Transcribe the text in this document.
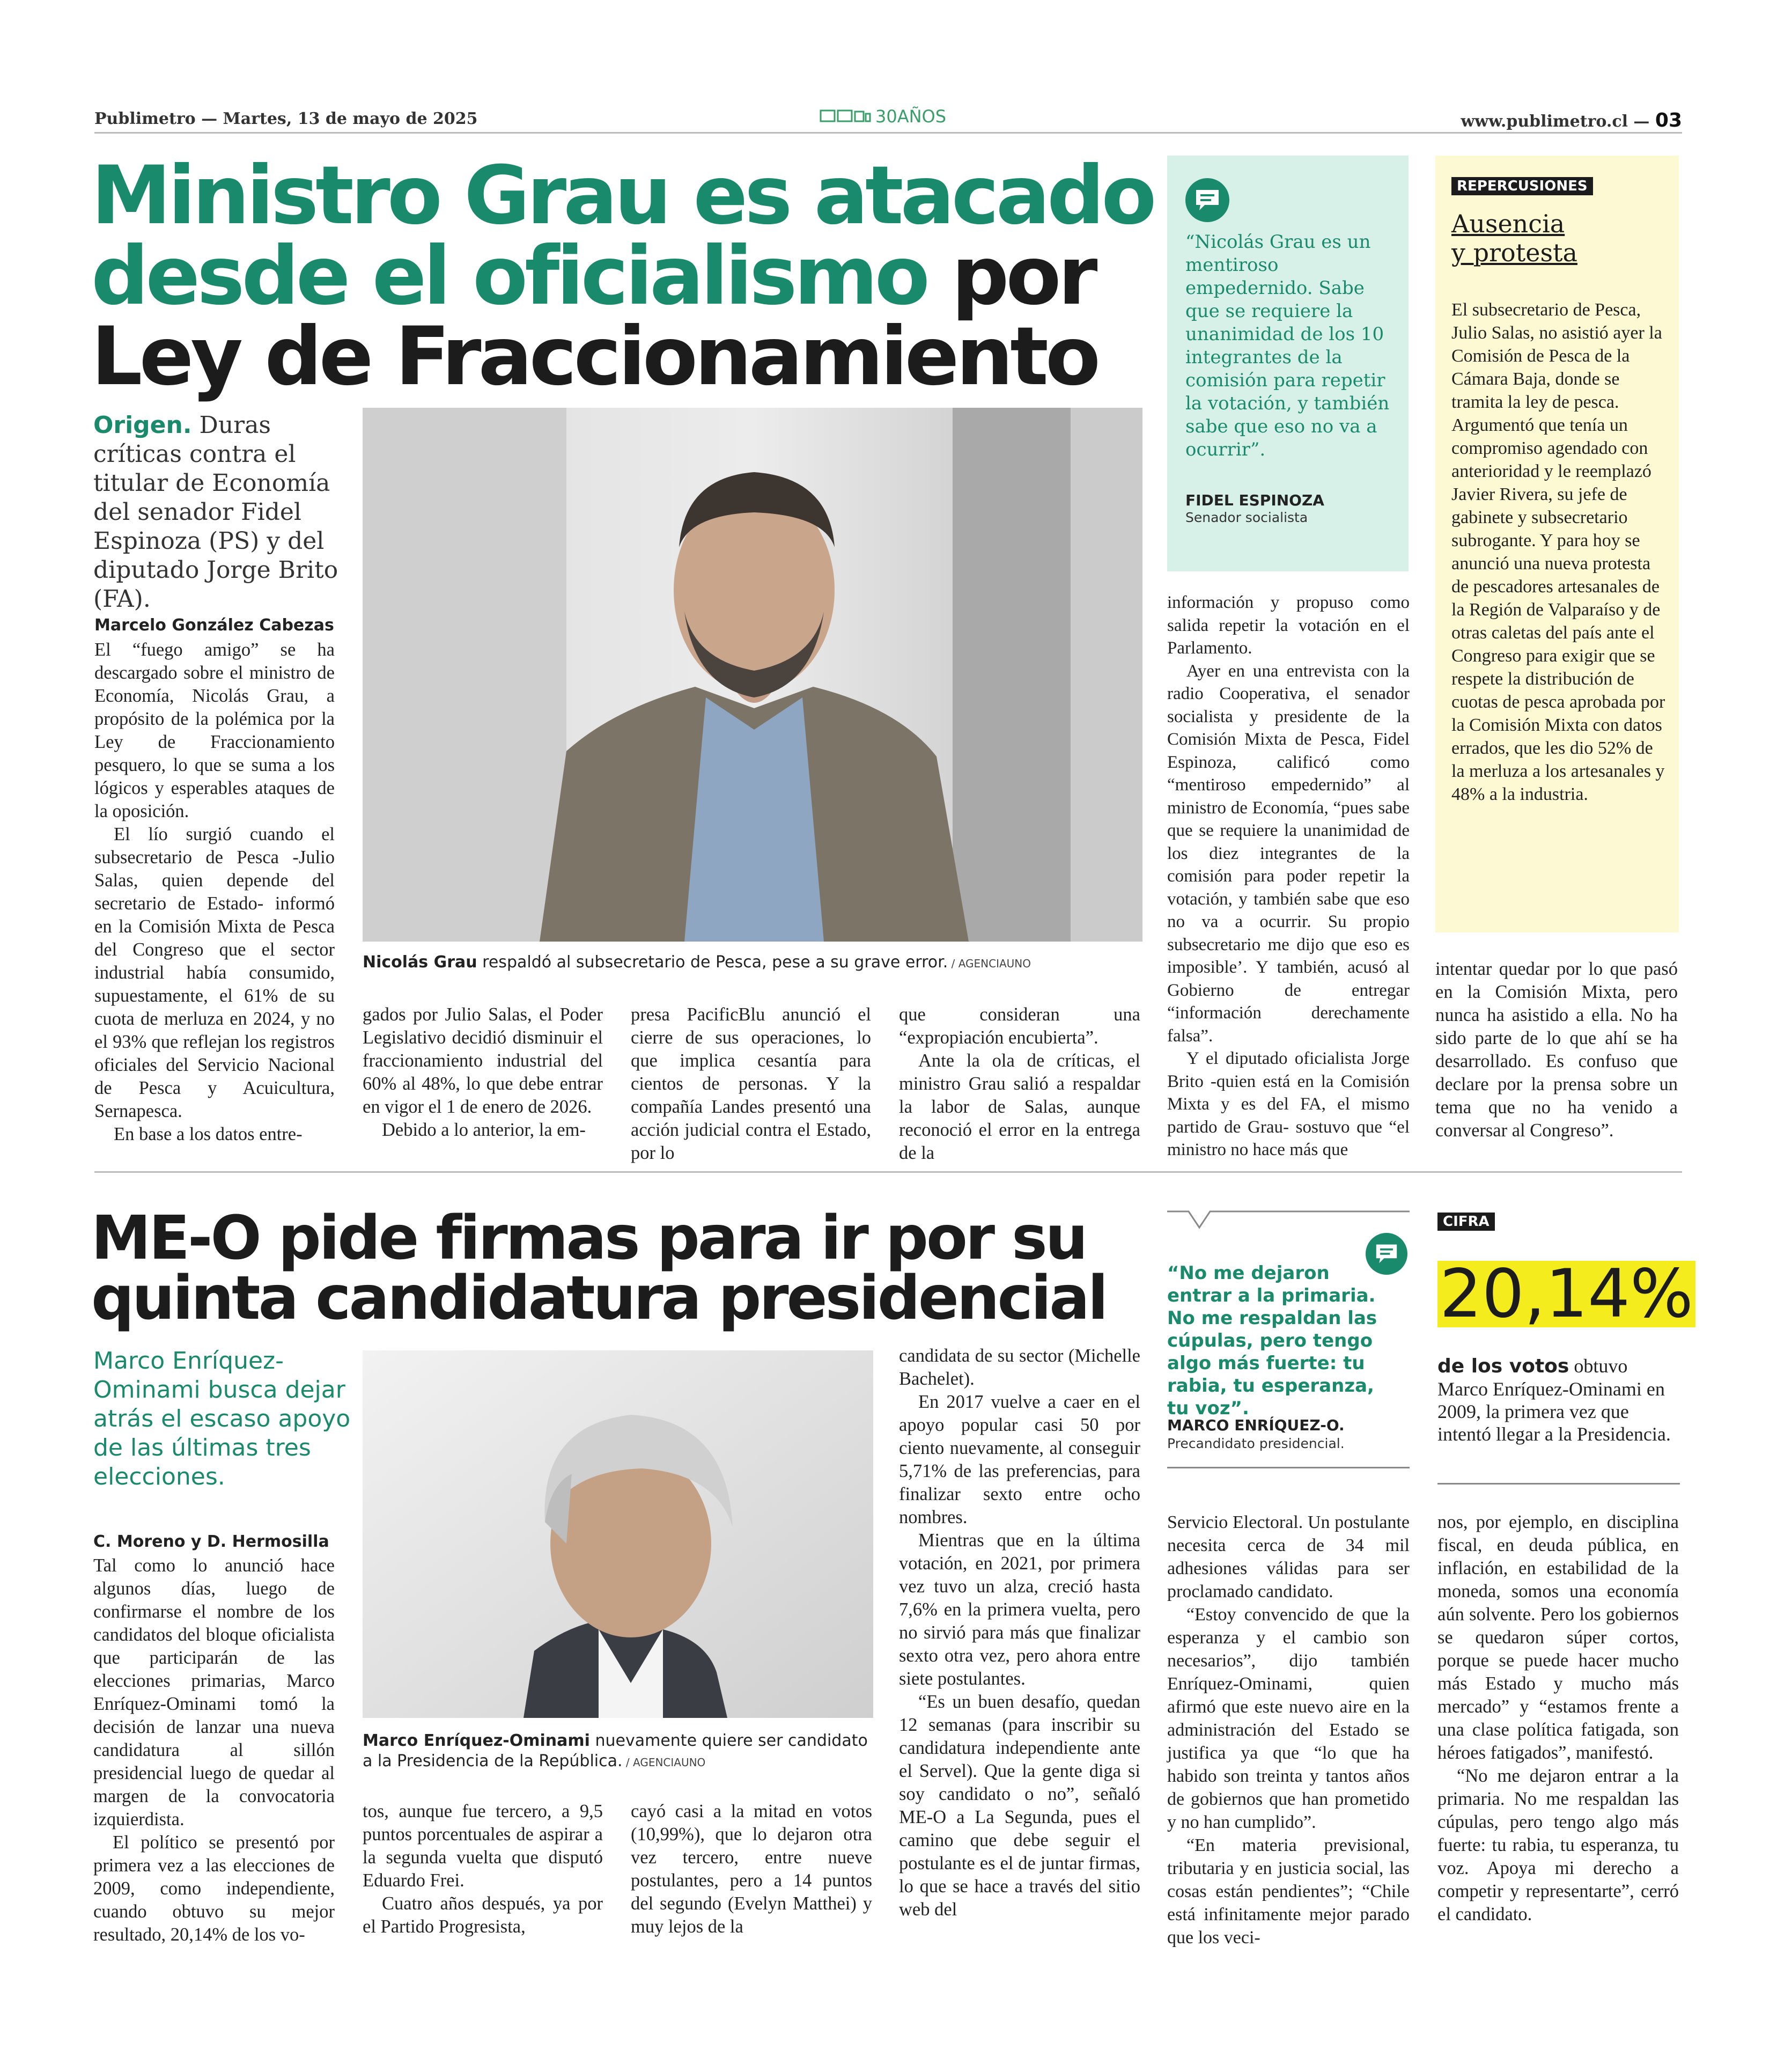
Publimetro — Martes, 13 de mayo de 2025	30AÑOS	www.publimetro.cl — 03
Ministro Grau es atacado
desde el oficialismo por
Ley de Fraccionamiento
Origen. Duras críticas contra el titular de Economía del senador Fidel Espinoza (PS) y del diputado Jorge Brito (FA).
Marcelo González Cabezas

El “fuego amigo” se ha descargado sobre el ministro de Economía, Nicolás Grau, a propósito de la polémica por la Ley de Fraccionamiento pesquero, lo que se suma a los lógicos y esperables ataques de la oposición.

El lío surgió cuando el subsecretario de Pesca -Julio Salas, quien depende del secretario de Estado- informó en la Comisión Mixta de Pesca del Congreso que el sector industrial había consumido, supuestamente, el 61% de su cuota de merluza en 2024, y no el 93% que reflejan los registros oficiales del Servicio Nacional de Pesca y Acuicultura, Sernapesca.

En base a los datos entre-

Nicolás Grau respaldó al subsecretario de Pesca, pese a su grave error. / AGENCIAUNO

gados por Julio Salas, el Poder Legislativo decidió disminuir el fraccionamiento industrial del 60% al 48%, lo que debe entrar en vigor el 1 de enero de 2026.

Debido a lo anterior, la em-

presa PacificBlu anunció el cierre de sus operaciones, lo que implica cesantía para cientos de personas. Y la compañía Landes presentó una acción judicial contra el Estado, por lo

que consideran una “expropiación encubierta”.

Ante la ola de críticas, el ministro Grau salió a respaldar la labor de Salas, aunque reconoció el error en la entrega de la

“Nicolás Grau es un mentiroso empedernido. Sabe que se requiere la unanimidad de los 10 integrantes de la comisión para repetir la votación, y también sabe que eso no va a ocurrir”.
FIDEL ESPINOZA
Senador socialista

información y propuso como salida repetir la votación en el Parlamento.

Ayer en una entrevista con la radio Cooperativa, el senador socialista y presidente de la Comisión Mixta de Pesca, Fidel Espinoza, calificó como “mentiroso empedernido” al ministro de Economía, “pues sabe que se requiere la unanimidad de los diez integrantes de la comisión para poder repetir la votación, y también sabe que eso no va a ocurrir. Su propio subsecretario me dijo que eso es imposible’. Y también, acusó al Gobierno de entregar “información derechamente falsa”.

Y el diputado oficialista Jorge Brito -quien está en la Comisión Mixta y es del FA, el mismo partido de Grau- sostuvo que “el ministro no hace más que

REPERCUSIONES
Ausencia
y protesta
El subsecretario de Pesca, Julio Salas, no asistió ayer la Comisión de Pesca de la Cámara Baja, donde se tramita la ley de pesca. Argumentó que tenía un compromiso agendado con anterioridad y le reemplazó Javier Rivera, su jefe de gabinete y subsecretario subrogante. Y para hoy se anunció una nueva protesta de pescadores artesanales de la Región de Valparaíso y de otras caletas del país ante el Congreso para exigir que se respete la distribución de cuotas de pesca aprobada por la Comisión Mixta con datos errados, que les dio 52% de la merluza a los artesanales y 48% a la industria.

intentar quedar por lo que pasó en la Comisión Mixta, pero nunca ha asistido a ella. No ha sido parte de lo que ahí se ha desarrollado. Es confuso que declare por la prensa sobre un tema que no ha venido a conversar al Congreso”.

ME-O pide firmas para ir por su
quinta candidatura presidencial
Marco Enríquez-Ominami busca dejar atrás el escaso apoyo de las últimas tres elecciones.
C. Moreno y D. Hermosilla

Tal como lo anunció hace algunos días, luego de confirmarse el nombre de los candidatos del bloque oficialista que participarán de las elecciones primarias, Marco Enríquez-Ominami tomó la decisión de lanzar una nueva candidatura al sillón presidencial luego de quedar al margen de la convocatoria izquierdista.

El político se presentó por primera vez a las elecciones de 2009, como independiente, cuando obtuvo su mejor resultado, 20,14% de los vo-

Marco Enríquez-Ominami nuevamente quiere ser candidato a la Presidencia de la República. / AGENCIAUNO

tos, aunque fue tercero, a 9,5 puntos porcentuales de aspirar a la segunda vuelta que disputó Eduardo Frei.

Cuatro años después, ya por el Partido Progresista,

cayó casi a la mitad en votos (10,99%), que lo dejaron otra vez tercero, entre nueve postulantes, pero a 14 puntos del segundo (Evelyn Matthei) y muy lejos de la

candidata de su sector (Michelle Bachelet).

En 2017 vuelve a caer en el apoyo popular casi 50 por ciento nuevamente, al conseguir 5,71% de las preferencias, para finalizar sexto entre ocho nombres.

Mientras que en la última votación, en 2021, por primera vez tuvo un alza, creció hasta 7,6% en la primera vuelta, pero no sirvió para más que finalizar sexto otra vez, pero ahora entre siete postulantes.

“Es un buen desafío, quedan 12 semanas (para inscribir su candidatura independiente ante el Servel). Que la gente diga si soy candidato o no”, señaló ME-O a La Segunda, pues el camino que debe seguir el postulante es el de juntar firmas, lo que se hace a través del sitio web del

“No me dejaron entrar a la primaria. No me respaldan las cúpulas, pero tengo algo más fuerte: tu rabia, tu esperanza, tu voz”.
MARCO ENRÍQUEZ-O.
Precandidato presidencial.

Servicio Electoral. Un postulante necesita cerca de 34 mil adhesiones válidas para ser proclamado candidato.

“Estoy convencido de que la esperanza y el cambio son necesarios”, dijo también Enríquez-Ominami, quien afirmó que este nuevo aire en la administración del Estado se justifica ya que “lo que ha habido son treinta y tantos años de gobiernos que han prometido y no han cumplido”.

“En materia previsional, tributaria y en justicia social, las cosas están pendientes”; “Chile está infinitamente mejor parado que los veci-

CIFRA
20,14%
de los votos obtuvo Marco Enríquez-Ominami en 2009, la primera vez que intentó llegar a la Presidencia.

nos, por ejemplo, en disciplina fiscal, en deuda pública, en inflación, en estabilidad de la moneda, somos una economía aún solvente. Pero los gobiernos se quedaron súper cortos, porque se puede hacer mucho más Estado y mucho más mercado” y “estamos frente a una clase política fatigada, son héroes fatigados”, manifestó.

“No me dejaron entrar a la primaria. No me respaldan las cúpulas, pero tengo algo más fuerte: tu rabia, tu esperanza, tu voz. Apoya mi derecho a competir y representarte”, cerró el candidato.
